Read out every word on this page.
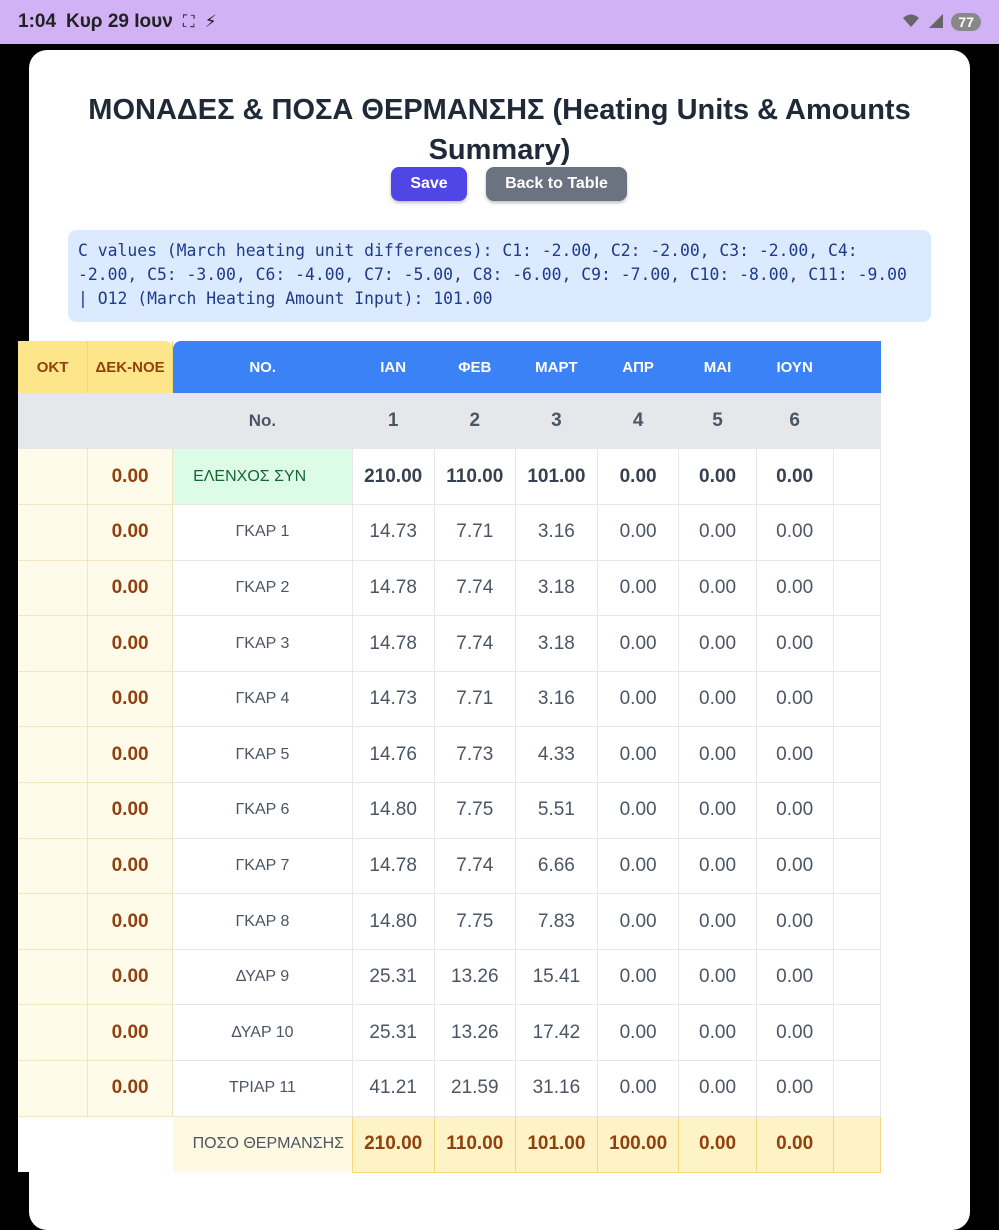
1:04 Κυρ 29 Ιουν ⛶ ⚡	77
ΜΟΝΑΔΕΣ & ΠΟΣΑ ΘΕΡΜΑΝΣΗΣ (Heating Units & Amounts Summary)
Save	Back to Table
C values (March heating unit differences): C1: -2.00, C2: -2.00, C3: -2.00, C4: -2.00, C5: -3.00, C6: -4.00, C7: -5.00, C8: -6.00, C9: -7.00, C10: -8.00, C11: -9.00 | O12 (March Heating Amount Input): 101.00
ΟΚΤ	ΔΕΚ-ΝΟΕ	ΝΟ.	ΙΑΝ	ΦΕΒ	ΜΑΡΤ	ΑΠΡ	ΜΑΙ	ΙΟΥΝ	
		No.	1	2	3	4	5	6	
	0.00	ΕΛΕΝΧΟΣ ΣΥΝ	210.00	110.00	101.00	0.00	0.00	0.00	
	0.00	ΓΚΑΡ 1	14.73	7.71	3.16	0.00	0.00	0.00	
	0.00	ΓΚΑΡ 2	14.78	7.74	3.18	0.00	0.00	0.00	
	0.00	ΓΚΑΡ 3	14.78	7.74	3.18	0.00	0.00	0.00	
	0.00	ΓΚΑΡ 4	14.73	7.71	3.16	0.00	0.00	0.00	
	0.00	ΓΚΑΡ 5	14.76	7.73	4.33	0.00	0.00	0.00	
	0.00	ΓΚΑΡ 6	14.80	7.75	5.51	0.00	0.00	0.00	
	0.00	ΓΚΑΡ 7	14.78	7.74	6.66	0.00	0.00	0.00	
	0.00	ΓΚΑΡ 8	14.80	7.75	7.83	0.00	0.00	0.00	
	0.00	ΔΥΑΡ 9	25.31	13.26	15.41	0.00	0.00	0.00	
	0.00	ΔΥΑΡ 10	25.31	13.26	17.42	0.00	0.00	0.00	
	0.00	ΤΡΙΑΡ 11	41.21	21.59	31.16	0.00	0.00	0.00	
		ΠΟΣΟ ΘΕΡΜΑΝΣΗΣ	210.00	110.00	101.00	100.00	0.00	0.00	
